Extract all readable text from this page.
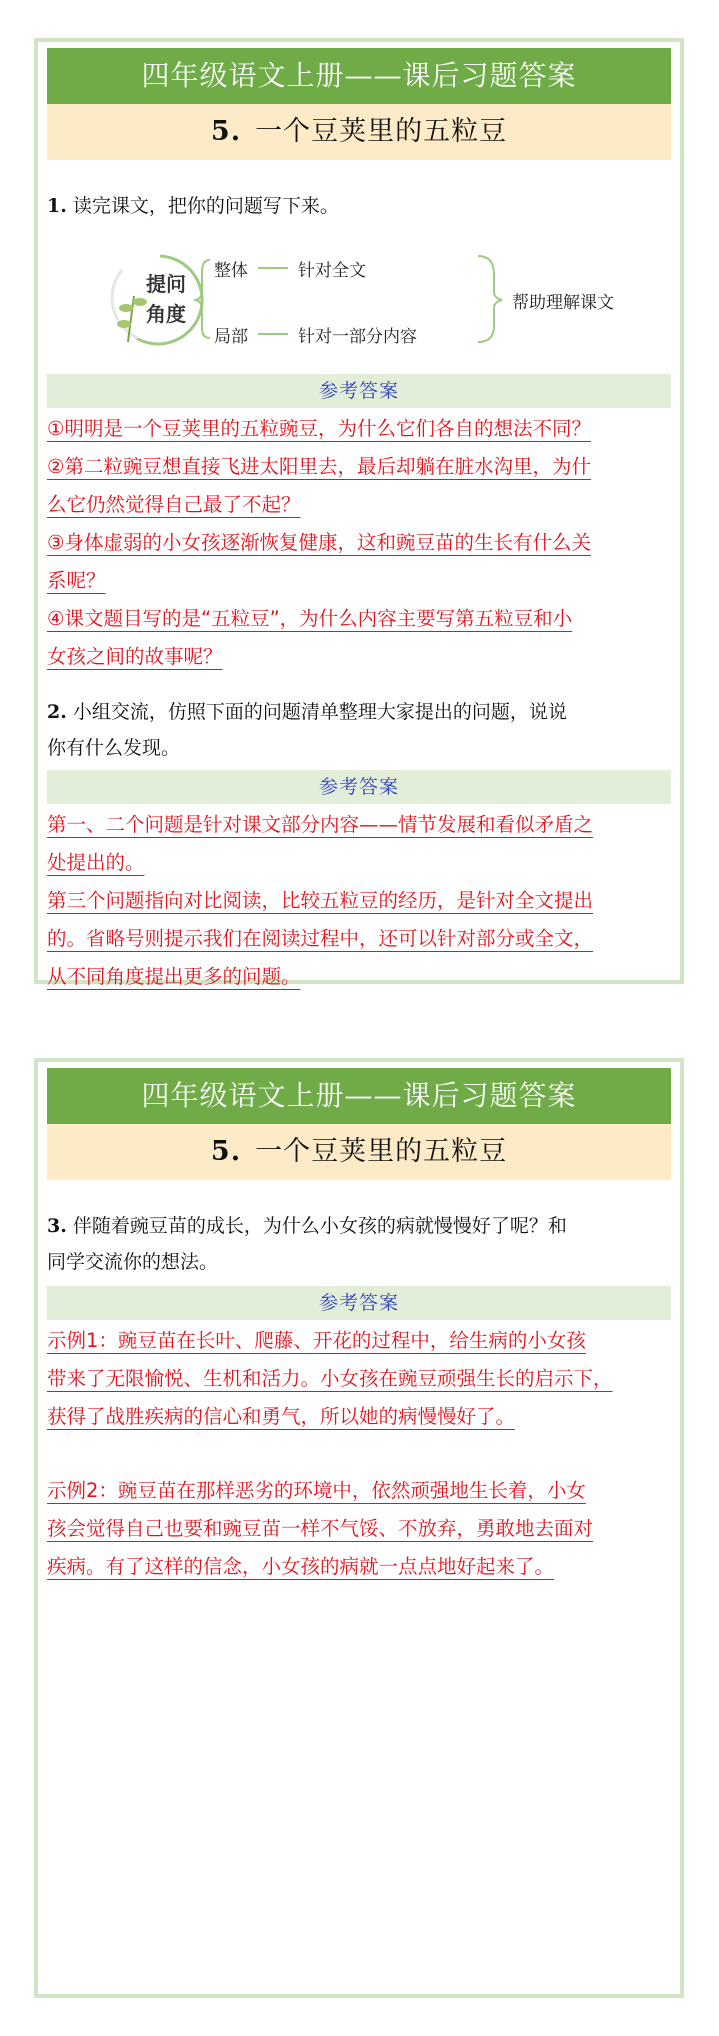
四年级语文上册——课后习题答案
5. 一个豆荚里的五粒豆
1. 读完课文，把你的问题写下来。
提问
角度
整体	针对全文
局部	针对一部分内容
帮助理解课文
参考答案

①明明是一个豆荚里的五粒豌豆，为什么它们各自的想法不同？

②第二粒豌豆想直接飞进太阳里去，最后却躺在脏水沟里，为什

么它仍然觉得自己最了不起？

③身体虚弱的小女孩逐渐恢复健康，这和豌豆苗的生长有什么关

系呢？

④课文题目写的是“五粒豆”，为什么内容主要写第五粒豆和小

女孩之间的故事呢？

2. 小组交流，仿照下面的问题清单整理大家提出的问题，说说
你有什么发现。
参考答案

第一、二个问题是针对课文部分内容——情节发展和看似矛盾之

处提出的。

第三个问题指向对比阅读，比较五粒豆的经历，是针对全文提出

的。省略号则提示我们在阅读过程中，还可以针对部分或全文，

从不同角度提出更多的问题。

四年级语文上册——课后习题答案
5. 一个豆荚里的五粒豆
3. 伴随着豌豆苗的成长，为什么小女孩的病就慢慢好了呢？和
同学交流你的想法。
参考答案

示例1：豌豆苗在长叶、爬藤、开花的过程中，给生病的小女孩

带来了无限愉悦、生机和活力。小女孩在豌豆顽强生长的启示下，

获得了战胜疾病的信心和勇气，所以她的病慢慢好了。

示例2：豌豆苗在那样恶劣的环境中，依然顽强地生长着，小女

孩会觉得自己也要和豌豆苗一样不气馁、不放弃，勇敢地去面对

疾病。有了这样的信念，小女孩的病就一点点地好起来了。
